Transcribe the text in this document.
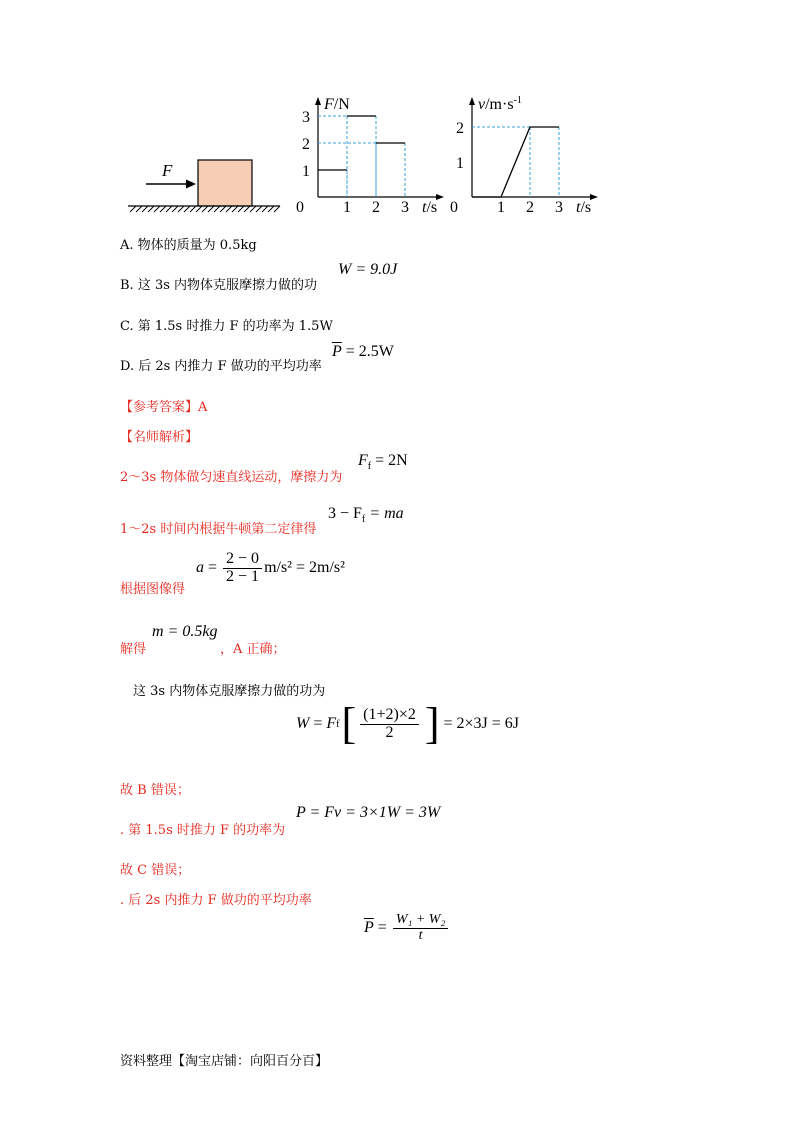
F
1 2 3
1
2
3
0	t/s
F/N
1 2 3
1
2
0	t/s
$v/m\cdot s^{-1}$
A. 物体的质量为 0.5kg
B. 这 3s 内物体克服摩擦力做的功
W = 9.0J
C. 第 1.5s 时推力 F 的功率为 1.5W
D. 后 2s 内推力 F 做功的平均功率
$\overline{P} = 2.5W$
【参考答案】A
【名师解析】
2～3s 物体做匀速直线运动，摩擦力为
$F_f = 2N$
1～2s 时间内根据牛顿第二定律得
$3 - F_f$ = ma
根据图像得
$a = \frac{2 - 0}{2 - 1} m/s^2 = 2m/s^2$
解得
m = 0.5kg
，A 正确；
这 3s 内物体克服摩擦力做的功为
W = F f [ $\frac{(1+2)\times 2}{2}$ ] = 2×3J = 6J
故 B 错误；
. 第 1.5s 时推力 F 的功率为
P = Fv = 3×1W = 3W
故 C 错误；
. 后 2s 内推力 F 做功的平均功率
$\overline{P} = \frac{\text{W₁ + W₂}}{t}$
资料整理【淘宝店铺：向阳百分百】
